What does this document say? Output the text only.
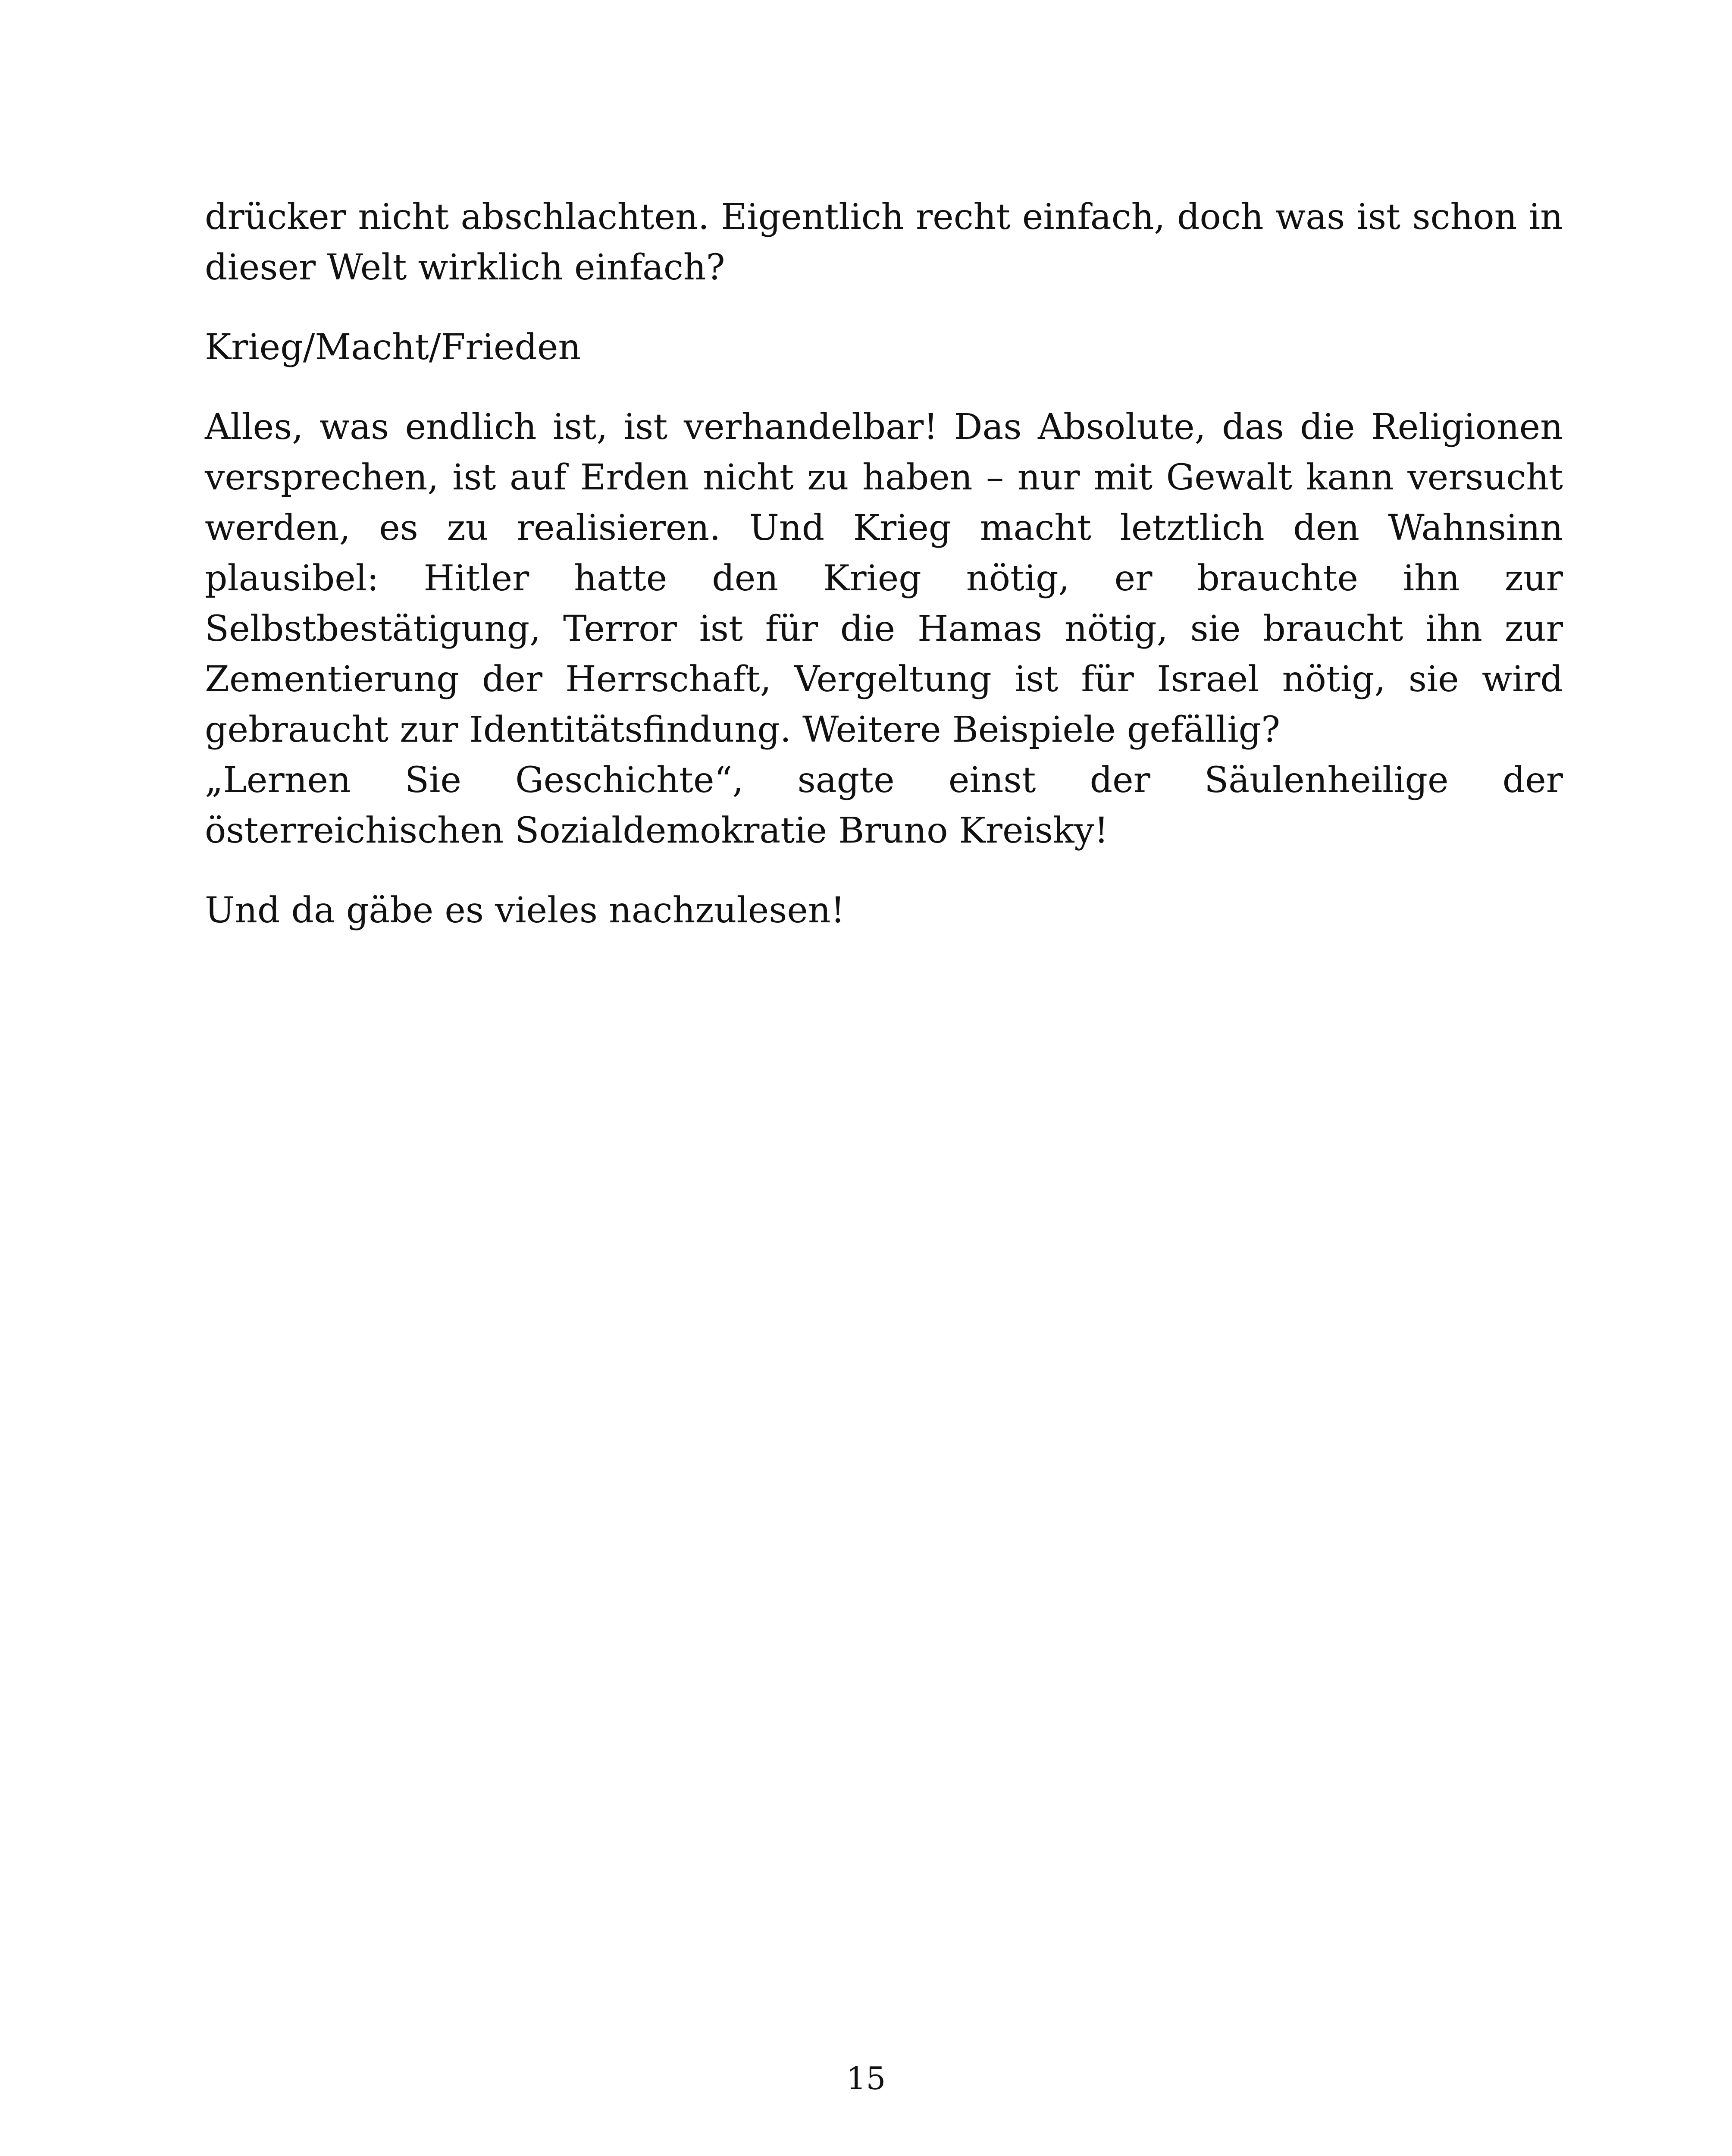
drücker nicht abschlachten. Eigentlich recht einfach, doch was ist schon in dieser Welt wirklich einfach?

Krieg/Macht/Frieden

Alles, was endlich ist, ist verhandelbar! Das Absolute, das die Religionen versprechen, ist auf Erden nicht zu haben – nur mit Gewalt kann versucht werden, es zu realisieren. Und Krieg macht letztlich den Wahnsinn plausibel: Hitler hatte den Krieg nötig, er brauchte ihn zur Selbstbestätigung, Terror ist für die Hamas nötig, sie braucht ihn zur Zementierung der Herrschaft, Vergeltung ist für Israel nötig, sie wird gebraucht zur Identitätsfindung. Weitere Beispiele gefällig?

„Lernen Sie Geschichte“, sagte einst der Säulenheilige der österreichischen Sozialdemokratie Bruno Kreisky!

Und da gäbe es vieles nachzulesen!

15
